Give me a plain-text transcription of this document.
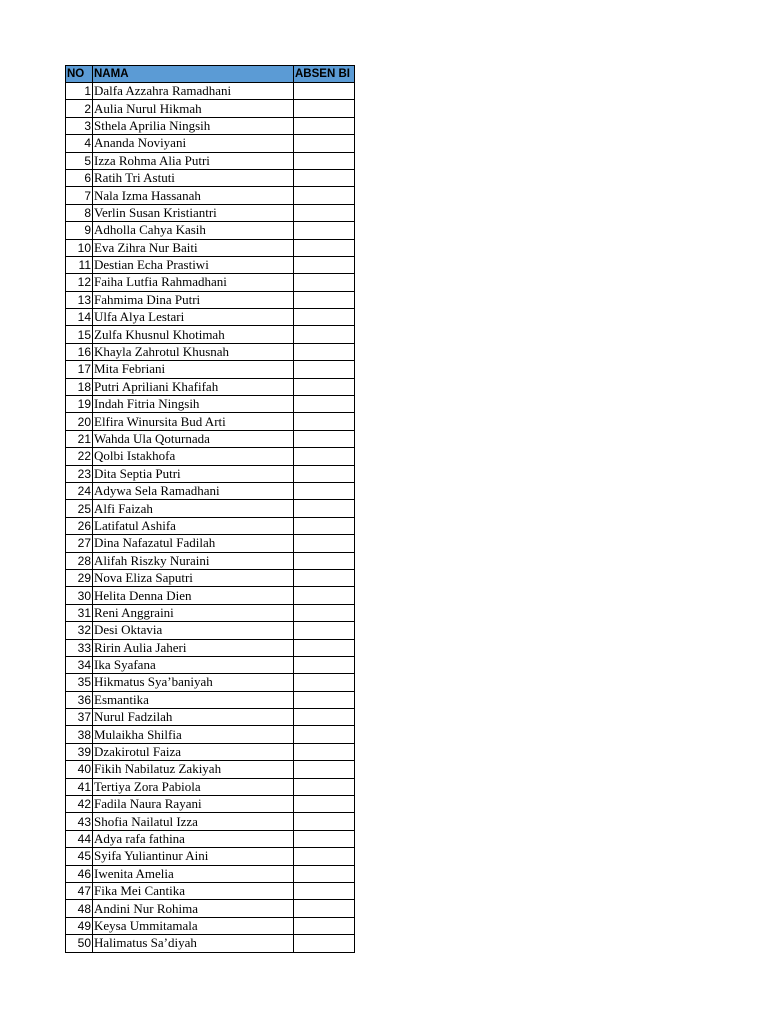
NO	NAMA	ABSEN BI
1	Dalfa Azzahra Ramadhani	
2	Aulia Nurul Hikmah	
3	Sthela Aprilia Ningsih	
4	Ananda Noviyani	
5	Izza Rohma Alia Putri	
6	Ratih Tri Astuti	
7	Nala Izma Hassanah	
8	Verlin Susan Kristiantri	
9	Adholla Cahya Kasih	
10	Eva Zihra Nur Baiti	
11	Destian Echa Prastiwi	
12	Faiha Lutfia Rahmadhani	
13	Fahmima Dina Putri	
14	Ulfa Alya Lestari	
15	Zulfa Khusnul Khotimah	
16	Khayla Zahrotul Khusnah	
17	Mita Febriani	
18	Putri Apriliani Khafifah	
19	Indah Fitria Ningsih	
20	Elfira Winursita Bud Arti	
21	Wahda Ula Qoturnada	
22	Qolbi Istakhofa	
23	Dita Septia Putri	
24	Adywa Sela Ramadhani	
25	Alfi Faizah	
26	Latifatul Ashifa	
27	Dina Nafazatul Fadilah	
28	Alifah Riszky Nuraini	
29	Nova Eliza Saputri	
30	Helita Denna Dien	
31	Reni Anggraini	
32	Desi Oktavia	
33	Ririn Aulia Jaheri	
34	Ika Syafana	
35	Hikmatus Sya’baniyah	
36	Esmantika	
37	Nurul Fadzilah	
38	Mulaikha Shilfia	
39	Dzakirotul Faiza	
40	Fikih Nabilatuz Zakiyah	
41	Tertiya Zora Pabiola	
42	Fadila Naura Rayani	
43	Shofia Nailatul Izza	
44	Adya rafa fathina	
45	Syifa Yuliantinur Aini	
46	Iwenita Amelia	
47	Fika Mei Cantika	
48	Andini Nur Rohima	
49	Keysa Ummitamala	
50	Halimatus Sa’diyah	
